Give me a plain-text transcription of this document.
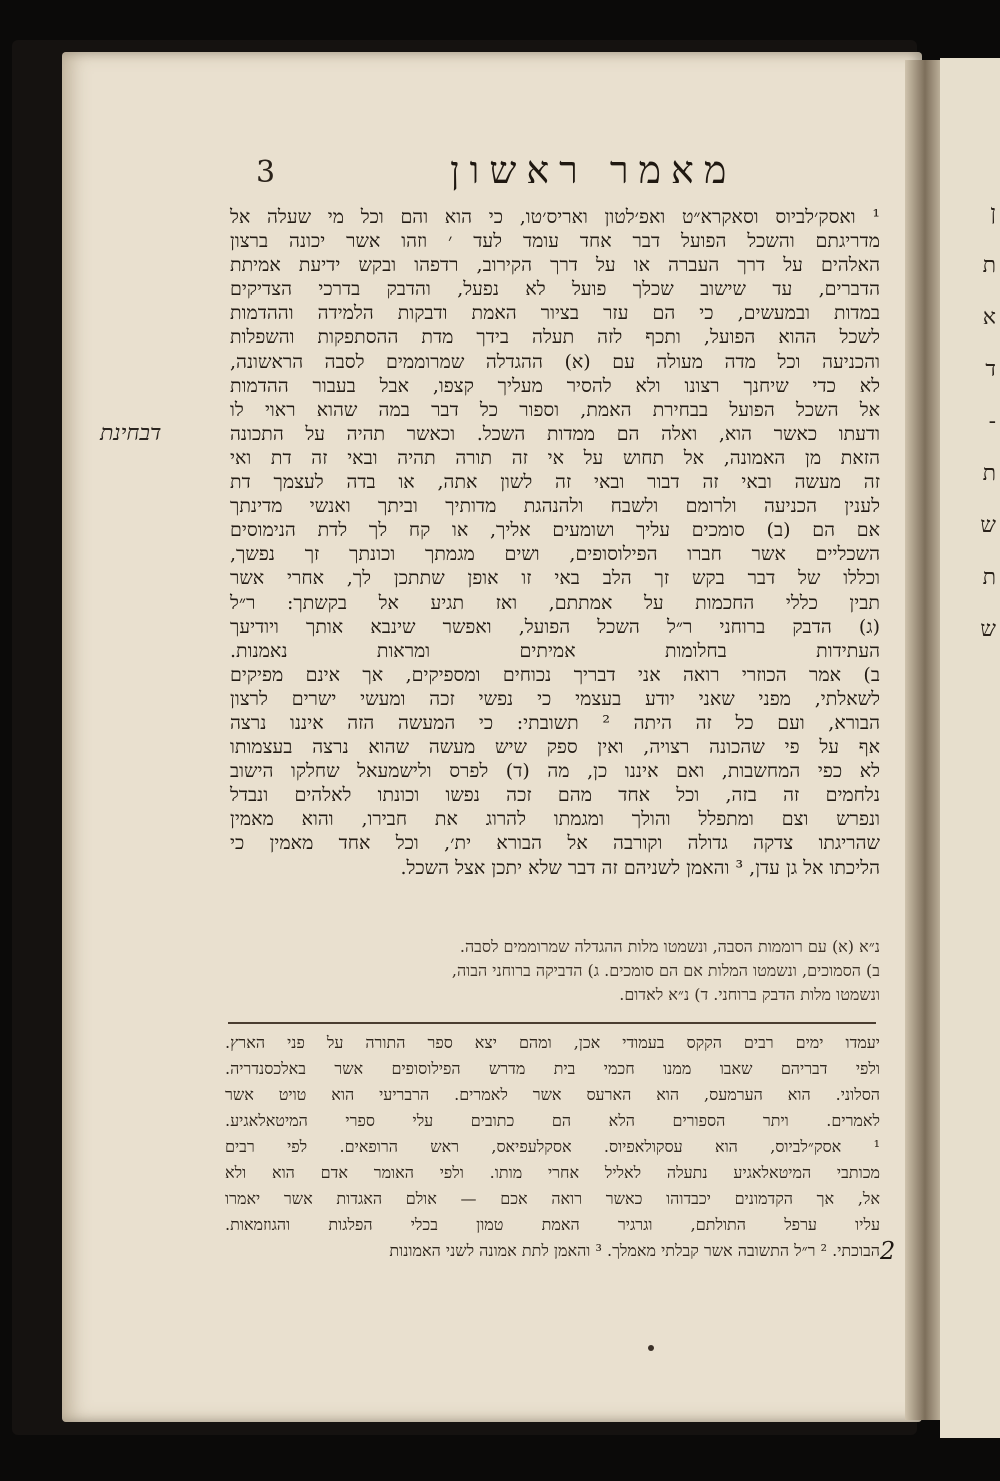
ן
ת
א
ד
-
ת
ש
ת
ש
3	מאמר ראשון

¹ ואסק׳לביוס וסאקרא״ט ואפ׳לטון ואריס׳טו, כי הוא והם וכל מי שעלה אל

מדריגתם והשכל הפועל דבר אחד עומד לעד ׳ וזהו אשר יכונה ברצון

האלהים על דרך העברה או על דרך הקירוב, רדפהו ובקש ידיעת אמיתת

הדברים, עד שישוב שכלך פועל לא נפעל, והדבק בדרכי הצדיקים

במדות ובמעשים, כי הם עזר בציור האמת ודבקות הלמידה וההדמות

לשכל ההוא הפועל, ותכף לזה תעלה בידך מדת ההסתפקות והשפלות

והכניעה וכל מדה מעולה עם (א) ההגדלה שמרוממים לסבה הראשונה,

לא כדי שיחנך רצונו ולא להסיר מעליך קצפו, אבל בעבור ההדמות

אל השכל הפועל בבחירת האמת, וספור כל דבר במה שהוא ראוי לו

ודעתו כאשר הוא, ואלה הם ממדות השכל. וכאשר תהיה על התכונה

הזאת מן האמונה, אל תחוש על אי זה תורה תהיה ובאי זה דת ואי

זה מעשה ובאי זה דבור ובאי זה לשון אתה, או בדה לעצמך דת

לענין הכניעה ולרומם ולשבח ולהנהגת מדותיך וביתך ואנשי מדינתך

אם הם (ב) סומכים עליך ושומעים אליך, או קח לך לדת הנימוסים

השכליים אשר חברו הפילוסופים, ושים מגמתך וכונתך זך נפשך,

וכללו של דבר בקש זך הלב באי זו אופן שתתכן לך, אחרי אשר

תבין כללי החכמות על אמתתם, ואז תגיע אל בקשתך: ר״ל

(ג) הדבק ברוחני ר״ל השכל הפועל, ואפשר שינבא אותך ויודיעך

העתידות בחלומות אמיתים ומראות נאמנות.

ב) אמר הכוזרי רואה אני דבריך נכוחים ומספיקים, אך אינם מפיקים

לשאלתי, מפני שאני יודע בעצמי כי נפשי זכה ומעשי ישרים לרצון

הבורא, ועם כל זה היתה ² תשובתי: כי המעשה הזה איננו נרצה

אף על פי שהכונה רצויה, ואין ספק שיש מעשה שהוא נרצה בעצמותו

לא כפי המחשבות, ואם איננו כן, מה (ד) לפרס ולישמעאל שחלקו הישוב

נלחמים זה בזה, וכל אחד מהם זכה נפשו וכונתו לאלהים ונבדל

ונפרש וצם ומתפלל והולך ומגמתו להרוג את חבירו, והוא מאמין

שהריגתו צדקה גדולה וקורבה אל הבורא ית׳, וכל אחד מאמין כי

הליכתו אל גן עדן, ³ והאמן לשניהם זה דבר שלא יתכן אצל השכל.

נ״א (א) עם רוממות הסבה, ונשמטו מלות ההגדלה שמרוממים לסבה.

ב) הסמוכים, ונשמטו המלות אם הם סומכים. ג) הדביקה ברוחני הבוה,

ונשמטו מלות הדבק ברוחני. ד) נ״א לאדום.

יעמדו ימים רבים הקקס בעמודי אכן, ומהם יצא ספר התורה על פני הארץ.

ולפי דבריהם שאבו ממנו חכמי בית מדרש הפילוסופים אשר באלכסנדריה.

הסלוני. הוא הערמעס, הוא הארעס אשר לאמרים. הרבריעי הוא טויט אשר

לאמרים. ויתר הספורים הלא הם כתובים עלי ספרי המיטאלאגיע.

¹ אסק״לביוס, הוא עסקולאפיוס. אסקלעפיאס, ראש הרופאים. לפי רבים

מכותבי המיטאלאגיע נתעלה לאליל אחרי מותו. ולפי האומר אדם הוא ולא

אל, אך הקדמונים יכבדוהו כאשר רואה אכם — אולם האגדות אשר יאמרו

עליו ערפל התולתם, וגרגיר האמת טמון בכלי הפלגות והגוזמאות.

הבוכתי. ² ר״ל התשובה אשר קבלתי מאמלך. ³ והאמן לתת אמונה לשני האמונות

דבחינת
2
